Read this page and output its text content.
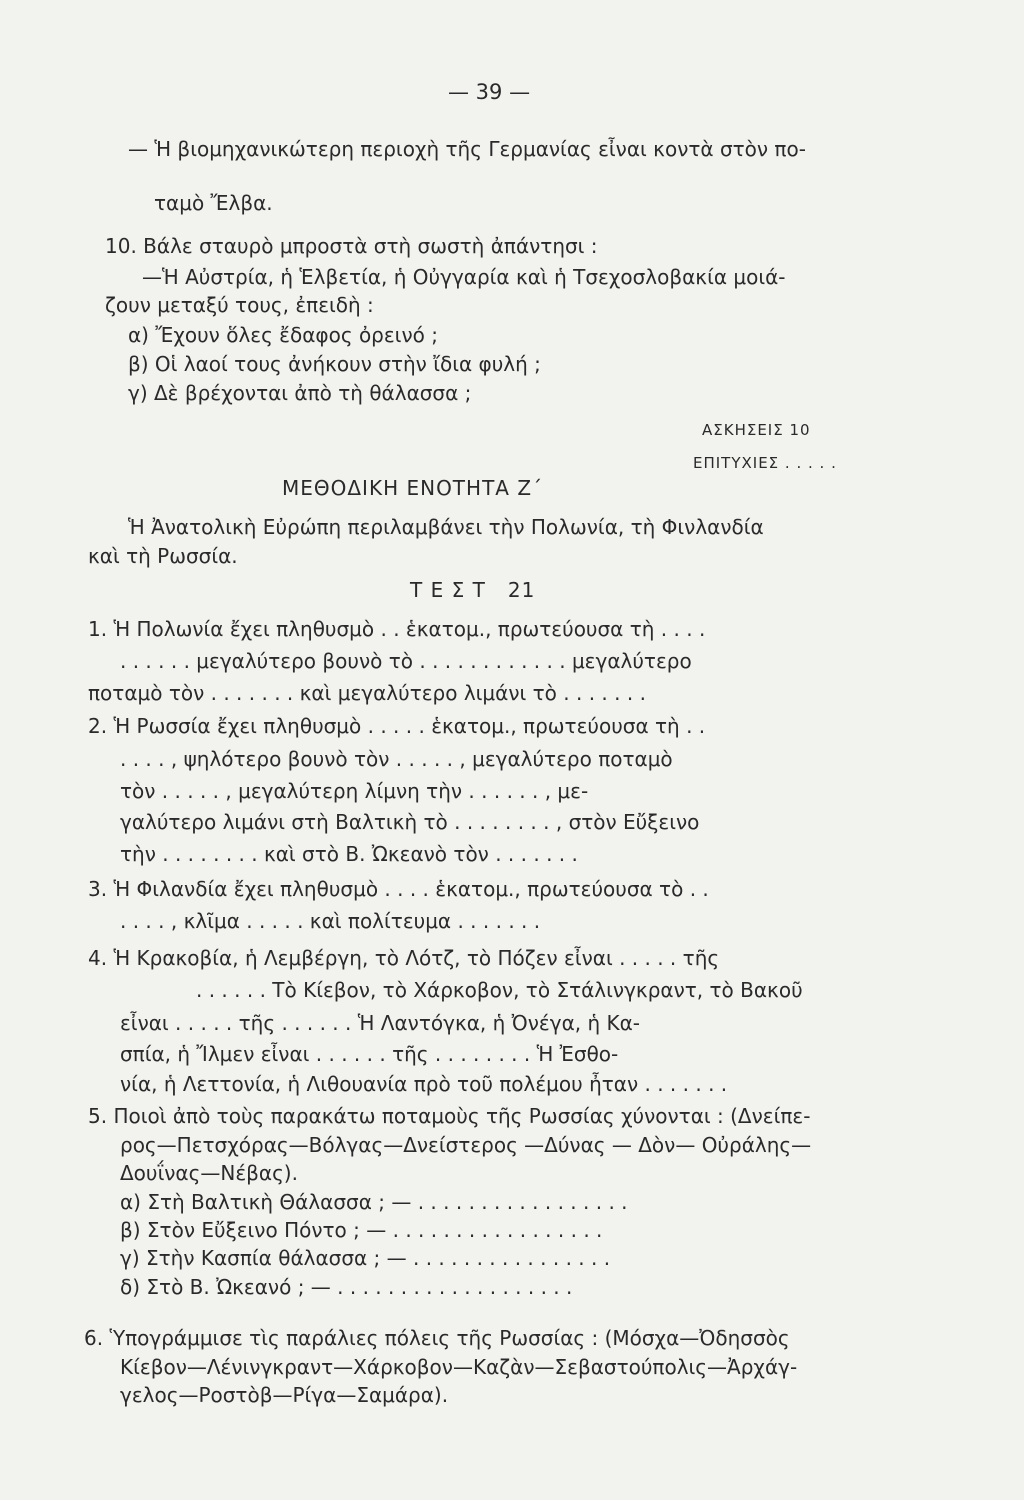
— 39 —
— Ἡ βιομηχανικώτερη περιοχὴ τῆς Γερμανίας εἶναι κοντὰ στὸν πο-
ταμὸ Ἔλβα.
10. Βάλε σταυρὸ μπροστὰ στὴ σωστὴ ἀπάντησι :
—Ἡ Αὐστρία, ἡ Ἑλβετία, ἡ Οὐγγαρία καὶ ἡ Τσεχοσλοβακία μοιά-
ζουν μεταξύ τους, ἐπειδὴ :
α) Ἔχουν ὅλες ἔδαφος ὀρεινό ;
β) Οἱ λαοί τους ἀνήκουν στὴν ἴδια φυλή ;
γ) Δὲ βρέχονται ἀπὸ τὴ θάλασσα ;
ΑΣΚΗΣΕΙΣ 10
ΕΠΙΤΥΧΙΕΣ . . . . .
ΜΕΘΟΔΙΚΗ ΕΝΟΤΗΤΑ Ζ΄
Ἡ Ἀνατολικὴ Εὐρώπη περιλαμβάνει τὴν Πολωνία, τὴ Φινλανδία
καὶ τὴ Ρωσσία.
Τ Ε Σ Τ   21
1. Ἡ Πολωνία ἔχει πληθυσμὸ . . ἑκατομ., πρωτεύουσα τὴ . . . .
. . . . . . μεγαλύτερο βουνὸ τὸ . . . . . . . . . . . . μεγαλύτερο
ποταμὸ τὸν . . . . . . . καὶ μεγαλύτερο λιμάνι τὸ . . . . . . .
2. Ἡ Ρωσσία ἔχει πληθυσμὸ . . . . . ἑκατομ., πρωτεύουσα τὴ . .
. . . . , ψηλότερο βουνὸ τὸν . . . . . , μεγαλύτερο ποταμὸ
τὸν . . . . . , μεγαλύτερη λίμνη τὴν . . . . . . , με-
γαλύτερο λιμάνι στὴ Βαλτικὴ τὸ . . . . . . . . , στὸν Εὔξεινο
τὴν . . . . . . . . καὶ στὸ Β. Ὠκεανὸ τὸν . . . . . . .
3. Ἡ Φιλανδία ἔχει πληθυσμὸ . . . . ἑκατομ., πρωτεύουσα τὸ . .
. . . . , κλῖμα . . . . . καὶ πολίτευμα . . . . . . .
4. Ἡ Κρακοβία, ἡ Λεμβέργη, τὸ Λότζ, τὸ Πόζεν εἶναι . . . . . τῆς
. . . . . . Τὸ Κίεβον, τὸ Χάρκοβον, τὸ Στάλινγκραντ, τὸ Βακοῦ
εἶναι . . . . . τῆς . . . . . . Ἡ Λαντόγκα, ἡ Ὀνέγα, ἡ Κα-
σπία, ἡ Ἴλμεν εἶναι . . . . . . τῆς . . . . . . . . Ἡ Ἐσθο-
νία, ἡ Λεττονία, ἡ Λιθουανία πρὸ τοῦ πολέμου ἦταν . . . . . . .
5. Ποιοὶ ἀπὸ τοὺς παρακάτω ποταμοὺς τῆς Ρωσσίας χύνονται : (Δνείπε-
ρος—Πετσχόρας—Βόλγας—Δνείστερος —Δύνας — Δὸν— Οὐράλης—
Δουΐνας—Νέβας).
α) Στὴ Βαλτικὴ Θάλασσα ; — . . . . . . . . . . . . . . . . .
β) Στὸν Εὔξεινο Πόντο ; — . . . . . . . . . . . . . . . . .
γ) Στὴν Κασπία θάλασσα ; — . . . . . . . . . . . . . . . .
δ) Στὸ Β. Ὠκεανό ; — . . . . . . . . . . . . . . . . . . .
6. Ὑπογράμμισε τὶς παράλιες πόλεις τῆς Ρωσσίας : (Μόσχα—Ὀδησσὸς
Κίεβον—Λένινγκραντ—Χάρκοβον—Καζὰν—Σεβαστούπολις—Ἀρχάγ-
γελος—Ροστὸβ—Ρίγα—Σαμάρα).
